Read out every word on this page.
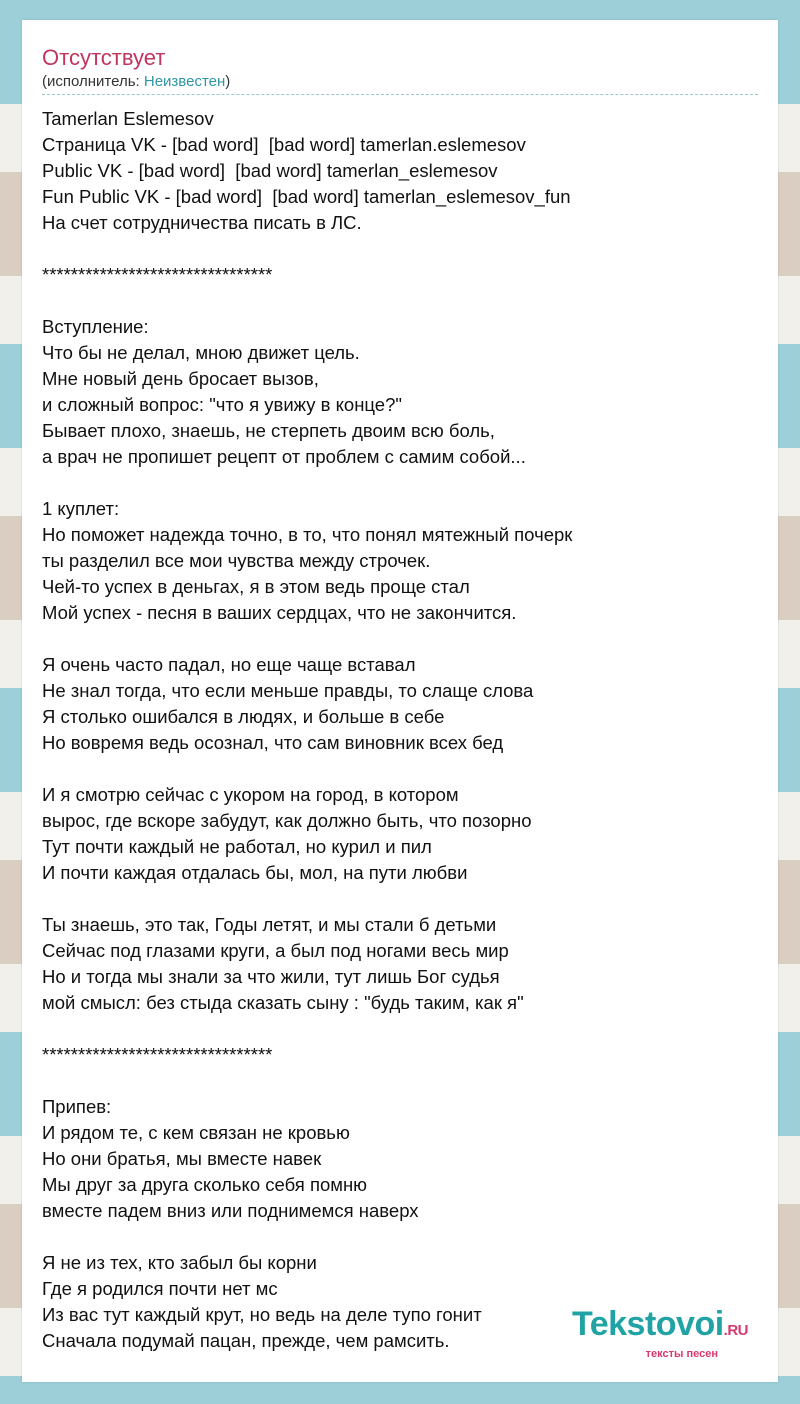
Отсутствует
(исполнитель: Неизвестен)
Tamerlan Eslemesov
Страница VK - [bad word]  [bad word] tamerlan.eslemesov
Public VK - [bad word]  [bad word] tamerlan_eslemesov
Fun Public VK - [bad word]  [bad word] tamerlan_eslemesov_fun
На счет сотрудничества писать в ЛС.
********************************
Вступление:
Что бы не делал, мною движет цель.
Мне новый день бросает вызов,
и сложный вопрос: "что я увижу в конце?"
Бывает плохо, знаешь, не стерпеть двоим всю боль,
а врач не пропишет рецепт от проблем с самим собой...
1 куплет:
Но поможет надежда точно, в то, что понял мятежный почерк
ты разделил все мои чувства между строчек.
Чей-то успех в деньгах, я в этом ведь проще стал
Мой успех - песня в ваших сердцах, что не закончится.
Я очень часто падал, но еще чаще вставал
Не знал тогда, что если меньше правды, то слаще слова
Я столько ошибался в людях, и больше в себе
Но вовремя ведь осознал, что сам виновник всех бед
И я смотрю сейчас с укором на город, в котором
вырос, где вскоре забудут, как должно быть, что позорно
Тут почти каждый не работал, но курил и пил
И почти каждая отдалась бы, мол, на пути любви
Ты знаешь, это так, Годы летят, и мы стали б детьми
Сейчас под глазами круги, а был под ногами весь мир
Но и тогда мы знали за что жили, тут лишь Бог судья
мой смысл: без стыда сказать сыну : "будь таким, как я"
********************************
Припев:
И рядом те, с кем связан не кровью
Но они братья, мы вместе навек
Мы друг за друга сколько себя помню
вместе падем вниз или поднимемся наверх
Я не из тех, кто забыл бы корни
Где я родился почти нет мс
Из вас тут каждый крут, но ведь на деле тупо гонит
Сначала подумай пацан, прежде, чем рамсить.	Tekstovoi.RU
тексты песен
